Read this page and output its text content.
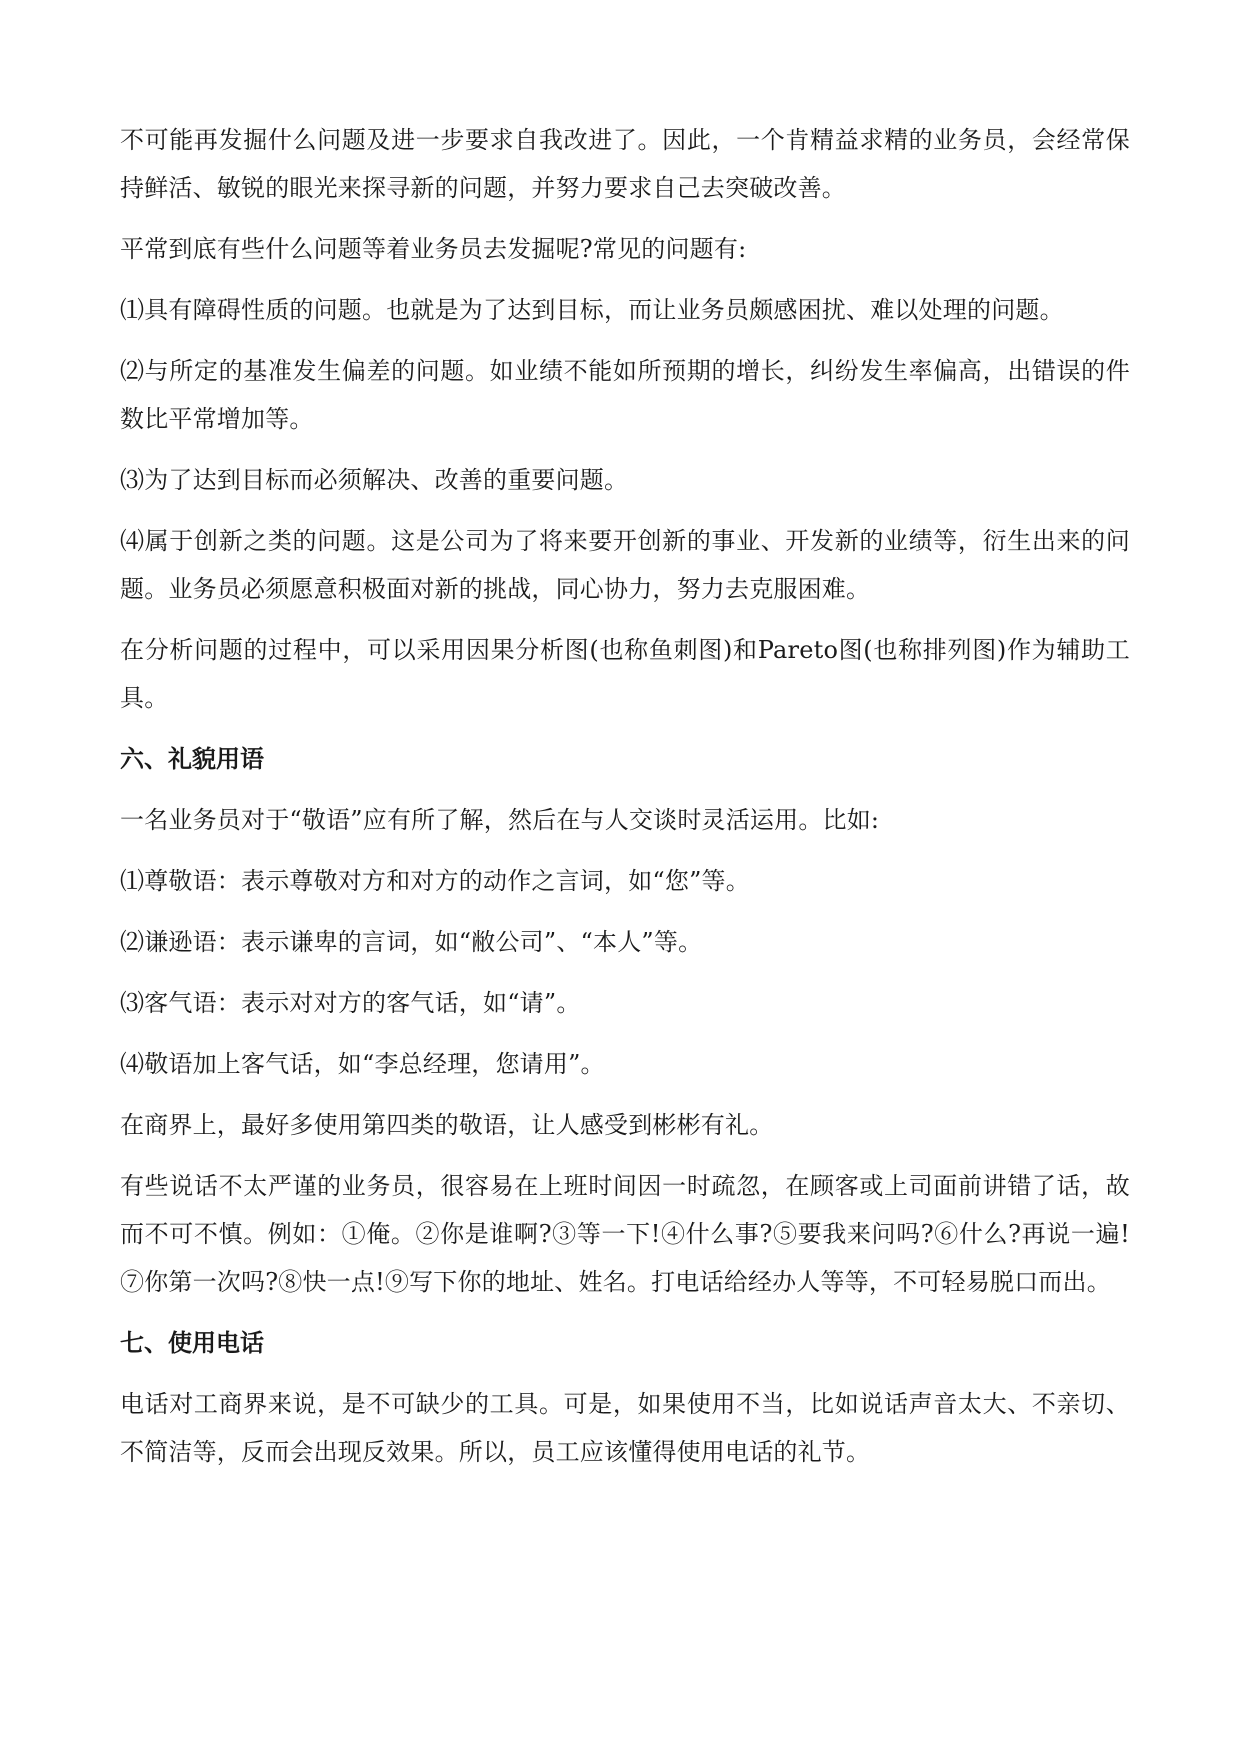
不可能再发掘什么问题及进一步要求自我改进了。因此，一个肯精益求精的业务员，会经常保持鲜活、敏锐的眼光来探寻新的问题，并努力要求自己去突破改善。

平常到底有些什么问题等着业务员去发掘呢?常见的问题有:

⑴具有障碍性质的问题。也就是为了达到目标，而让业务员颇感困扰、难以处理的问题。

⑵与所定的基准发生偏差的问题。如业绩不能如所预期的增长，纠纷发生率偏高，出错误的件数比平常增加等。

⑶为了达到目标而必须解决、改善的重要问题。

⑷属于创新之类的问题。这是公司为了将来要开创新的事业、开发新的业绩等，衍生出来的问题。业务员必须愿意积极面对新的挑战，同心协力，努力去克服困难。

在分析问题的过程中，可以采用因果分析图(也称鱼刺图)和Pareto图(也称排列图)作为辅助工具。

六、礼貌用语

一名业务员对于“敬语”应有所了解，然后在与人交谈时灵活运用。比如:

⑴尊敬语：表示尊敬对方和对方的动作之言词，如“您”等。

⑵谦逊语：表示谦卑的言词，如“敝公司”、“本人”等。

⑶客气语：表示对对方的客气话，如“请”。

⑷敬语加上客气话，如“李总经理，您请用”。

在商界上，最好多使用第四类的敬语，让人感受到彬彬有礼。

有些说话不太严谨的业务员，很容易在上班时间因一时疏忽，在顾客或上司面前讲错了话，故而不可不慎。例如：①俺。②你是谁啊?③等一下!④什么事?⑤要我来问吗?⑥什么?再说一遍!⑦你第一次吗?⑧快一点!⑨写下你的地址、姓名。打电话给经办人等等，不可轻易脱口而出。

七、使用电话

电话对工商界来说，是不可缺少的工具。可是，如果使用不当，比如说话声音太大、不亲切、不简洁等，反而会出现反效果。所以，员工应该懂得使用电话的礼节。
